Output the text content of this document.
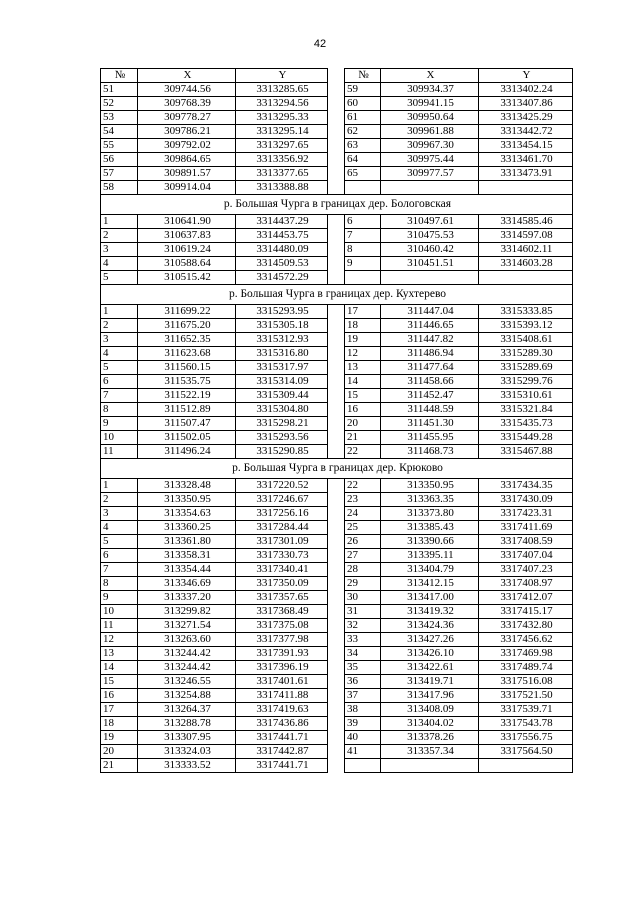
42
№	X	Y		№	X	Y
51	309744.56	3313285.65		59	309934.37	3313402.24
52	309768.39	3313294.56		60	309941.15	3313407.86
53	309778.27	3313295.33		61	309950.64	3313425.29
54	309786.21	3313295.14		62	309961.88	3313442.72
55	309792.02	3313297.65		63	309967.30	3313454.15
56	309864.65	3313356.92		64	309975.44	3313461.70
57	309891.57	3313377.65		65	309977.57	3313473.91
58	309914.04	3313388.88				
р. Большая Чурга в границах дер. Бологовская						
1	310641.90	3314437.29		6	310497.61	3314585.46
2	310637.83	3314453.75		7	310475.53	3314597.08
3	310619.24	3314480.09		8	310460.42	3314602.11
4	310588.64	3314509.53		9	310451.51	3314603.28
5	310515.42	3314572.29				
р. Большая Чурга в границах дер. Кухтерево						
1	311699.22	3315293.95		17	311447.04	3315333.85
2	311675.20	3315305.18		18	311446.65	3315393.12
3	311652.35	3315312.93		19	311447.82	3315408.61
4	311623.68	3315316.80		12	311486.94	3315289.30
5	311560.15	3315317.97		13	311477.64	3315289.69
6	311535.75	3315314.09		14	311458.66	3315299.76
7	311522.19	3315309.44		15	311452.47	3315310.61
8	311512.89	3315304.80		16	311448.59	3315321.84
9	311507.47	3315298.21		20	311451.30	3315435.73
10	311502.05	3315293.56		21	311455.95	3315449.28
11	311496.24	3315290.85		22	311468.73	3315467.88
р. Большая Чурга в границах дер. Крюково						
1	313328.48	3317220.52		22	313350.95	3317434.35
2	313350.95	3317246.67		23	313363.35	3317430.09
3	313354.63	3317256.16		24	313373.80	3317423.31
4	313360.25	3317284.44		25	313385.43	3317411.69
5	313361.80	3317301.09		26	313390.66	3317408.59
6	313358.31	3317330.73		27	313395.11	3317407.04
7	313354.44	3317340.41		28	313404.79	3317407.23
8	313346.69	3317350.09		29	313412.15	3317408.97
9	313337.20	3317357.65		30	313417.00	3317412.07
10	313299.82	3317368.49		31	313419.32	3317415.17
11	313271.54	3317375.08		32	313424.36	3317432.80
12	313263.60	3317377.98		33	313427.26	3317456.62
13	313244.42	3317391.93		34	313426.10	3317469.98
14	313244.42	3317396.19		35	313422.61	3317489.74
15	313246.55	3317401.61		36	313419.71	3317516.08
16	313254.88	3317411.88		37	313417.96	3317521.50
17	313264.37	3317419.63		38	313408.09	3317539.71
18	313288.78	3317436.86		39	313404.02	3317543.78
19	313307.95	3317441.71		40	313378.26	3317556.75
20	313324.03	3317442.87		41	313357.34	3317564.50
21	313333.52	3317441.71				
